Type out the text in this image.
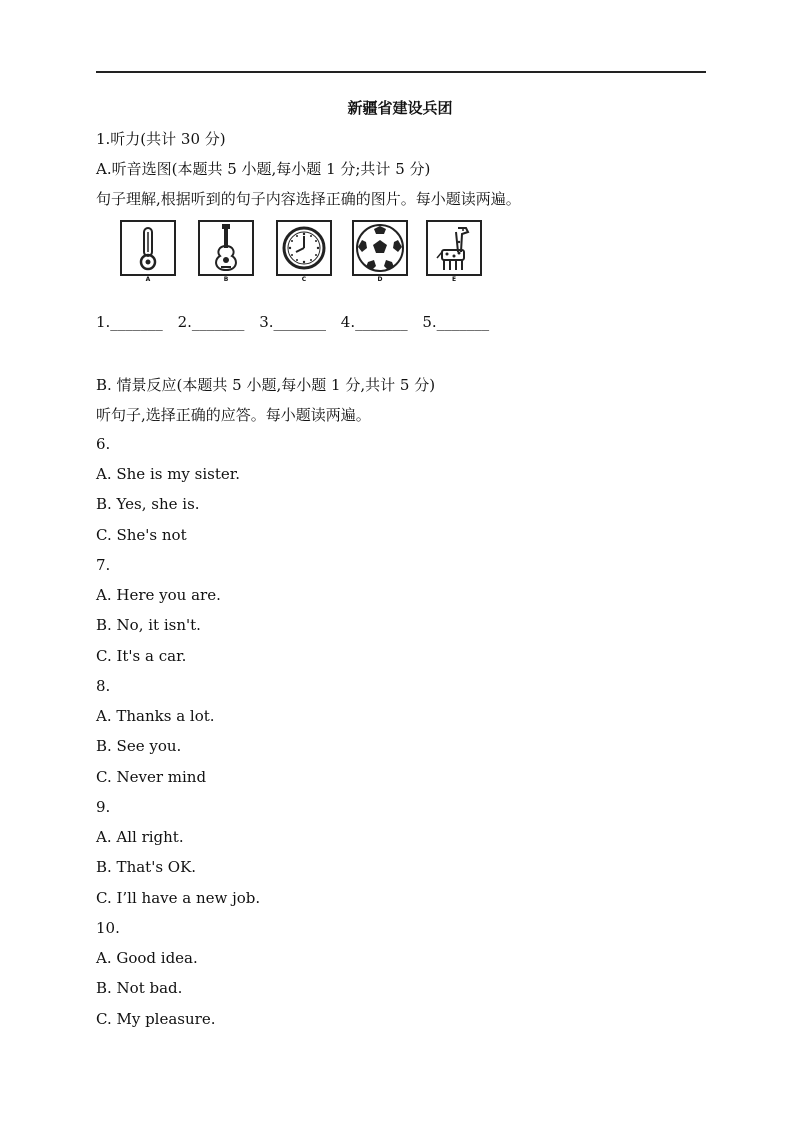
新疆省建设兵团
1.听力(共计 30 分)
A.听音选图(本题共 5 小题,每小题 1 分;共计 5 分)
句子理解,根据听到的句子内容选择正确的图片。每小题读两遍。
A	B	C	D	E
1._______ 2._______ 3._______ 4._______ 5._______
B. 情景反应(本题共 5 小题,每小题 1 分,共计 5 分)
听句子,选择正确的应答。每小题读两遍。
6.
A. She is my sister.
B. Yes, she is.
C. She's not
7.
A. Here you are.
B. No, it isn't.
C. It's a car.
8.
A. Thanks a lot.
B. See you.
C. Never mind
9.
A. All right.
B. That's OK.
C. I’ll have a new job.
10.
A. Good idea.
B. Not bad.
C. My pleasure.
